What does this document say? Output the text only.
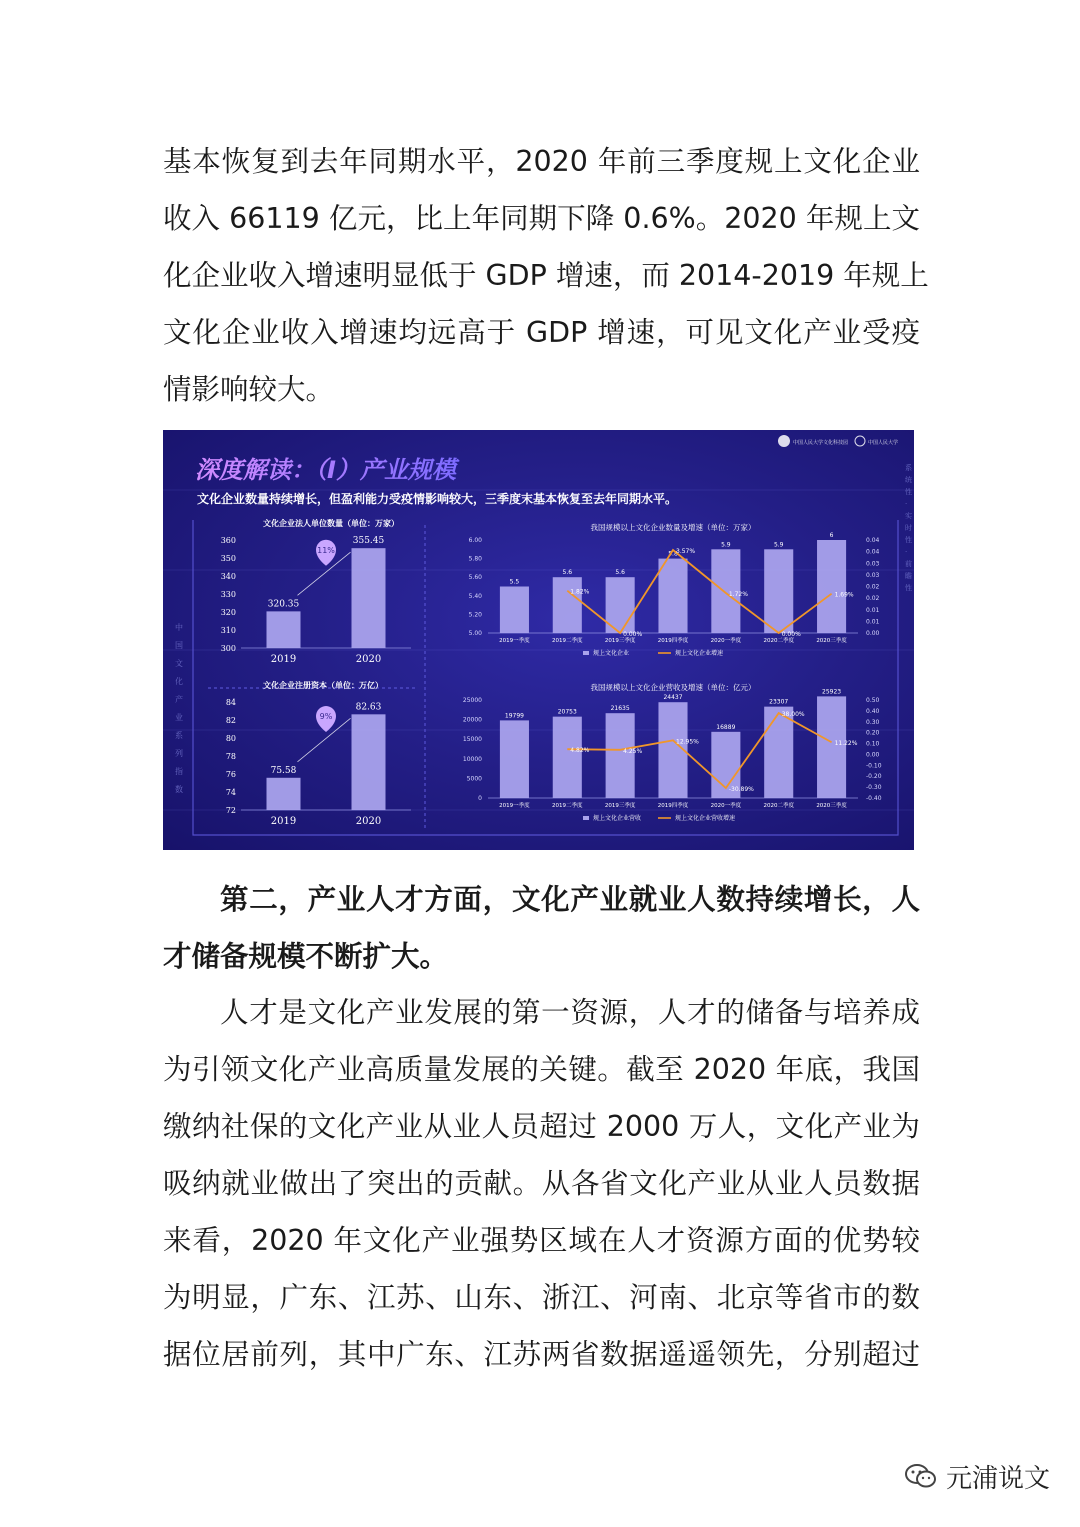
基本恢复到去年同期水平，2020 年前三季度规上文化企业
收入 66119 亿元，比上年同期下降 0.6%。2020 年规上文
化企业收入增速明显低于 GDP 增速，而 2014-2019 年规上
文化企业收入增速均远高于 GDP 增速，可见文化产业受疫
情影响较大。
深度解读：（I）产业规模
文化企业数量持续增长，但盈利能力受疫情影响较大，三季度末基本恢复至去年同期水平。
中国人民大学文化科技园	中国人民大学
中国文化产业系列指数
系统性·实时性·前瞻性
文化企业法人单位数量（单位：万家）
300
310
320
330
340
350
360
320.35
2019
355.45
2020
11%
文化企业注册资本（单位：万亿）
72
74
76
78
80
82
84
75.58
2019
82.63
2020
9%
我国规模以上文化企业数量及增速（单位：万家）
5.00
5.20
5.40
5.60
5.80
6.00
0.00
0.01
0.01
0.02
0.02
0.03
0.03
0.04
0.04
5.5
2019一季度
5.6
2019二季度
5.6
2019三季度
5.8
2019四季度
5.9
2020一季度
5.9
2020二季度
6
2020三季度
1.82%
0.00%
3.57%
1.72%
0.00%
1.69%
规上文化企业	规上文化企业增速
我国规模以上文化企业营收及增速（单位：亿元）
0
5000
10000
15000
20000
25000	0.50
0.40
0.30
0.20
0.10
0.00
-0.10
-0.20
-0.30
-0.40
19799
2019一季度
20753
2019二季度
21635
2019三季度
24437
2019四季度
16889
2020一季度
23307
2020二季度
25923
2020三季度
4.82%	4.25%
12.95%
-30.89%
38.00%
11.22%
规上文化企业营收	规上文化企业营收增速
第二，产业人才方面，文化产业就业人数持续增长，人
才储备规模不断扩大。
人才是文化产业发展的第一资源，人才的储备与培养成
为引领文化产业高质量发展的关键。截至 2020 年底，我国
缴纳社保的文化产业从业人员超过 2000 万人，文化产业为
吸纳就业做出了突出的贡献。从各省文化产业从业人员数据
来看，2020 年文化产业强势区域在人才资源方面的优势较
为明显，广东、江苏、山东、浙江、河南、北京等省市的数
据位居前列，其中广东、江苏两省数据遥遥领先，分别超过
元浦说文
